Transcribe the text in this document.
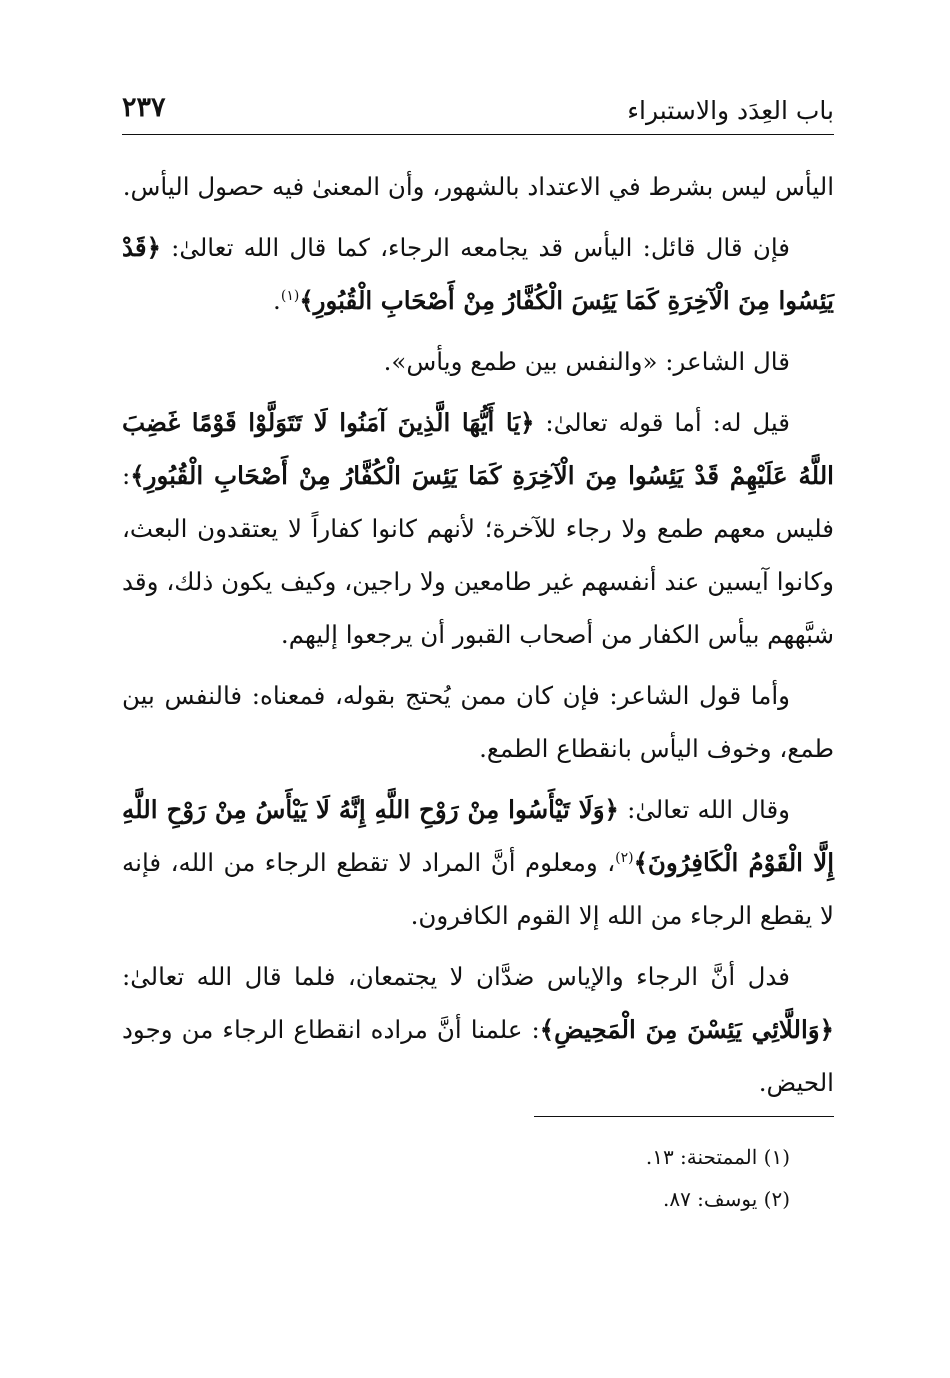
٢٣٧	باب العِدَد والاستبراء

اليأس ليس بشرط في الاعتداد بالشهور، وأن المعنىٰ فيه حصول اليأس.

فإن قال قائل: اليأس قد يجامعه الرجاء، كما قال الله تعالىٰ: ﴿قَدْ يَئِسُوا مِنَ الْآخِرَةِ كَمَا يَئِسَ الْكُفَّارُ مِنْ أَصْحَابِ الْقُبُورِ﴾$^{(١)}$.

قال الشاعر: «والنفس بين طمع ويأس».

قيل له: أما قوله تعالىٰ: ﴿يَا أَيُّهَا الَّذِينَ آمَنُوا لَا تَتَوَلَّوْا قَوْمًا غَضِبَ اللَّهُ عَلَيْهِمْ قَدْ يَئِسُوا مِنَ الْآخِرَةِ كَمَا يَئِسَ الْكُفَّارُ مِنْ أَصْحَابِ الْقُبُورِ﴾: فليس معهم طمع ولا رجاء للآخرة؛ لأنهم كانوا كفاراً لا يعتقدون البعث، وكانوا آيسين عند أنفسهم غير طامعين ولا راجين، وكيف يكون ذلك، وقد شبَّههم بيأس الكفار من أصحاب القبور أن يرجعوا إليهم.

وأما قول الشاعر: فإن كان ممن يُحتج بقوله، فمعناه: فالنفس بين طمع، وخوف اليأس بانقطاع الطمع.

وقال الله تعالىٰ: ﴿وَلَا تَيْأَسُوا مِنْ رَوْحِ اللَّهِ إِنَّهُ لَا يَيْأَسُ مِنْ رَوْحِ اللَّهِ إِلَّا الْقَوْمُ الْكَافِرُونَ﴾$^{(٢)}$، ومعلوم أنَّ المراد لا تقطع الرجاء من الله، فإنه لا يقطع الرجاء من الله إلا القوم الكافرون.

فدل أنَّ الرجاء والإياس ضدَّان لا يجتمعان، فلما قال الله تعالىٰ: ﴿وَاللَّائِي يَئِسْنَ مِنَ الْمَحِيضِ﴾: علمنا أنَّ مراده انقطاع الرجاء من وجود الحيض.

(١) الممتحنة: ١٣.

(٢) يوسف: ٨٧.
